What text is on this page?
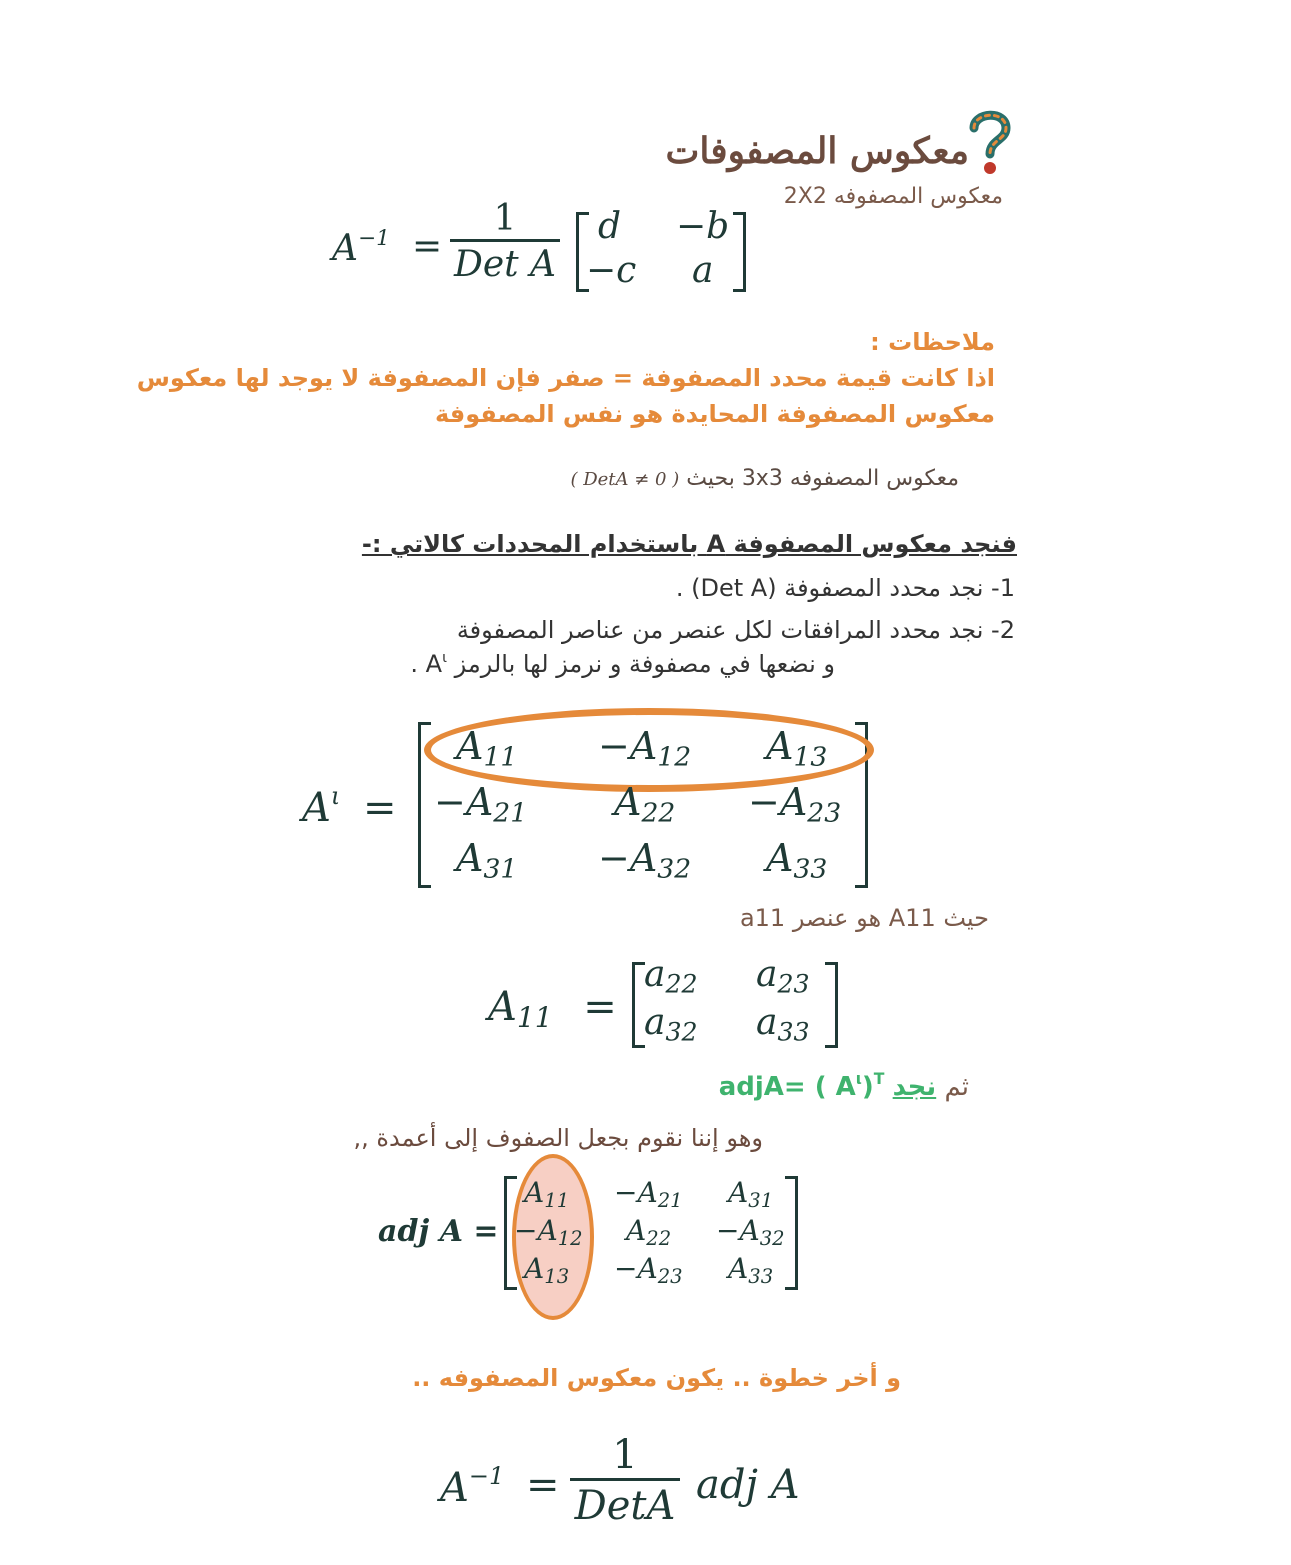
معكوس المصفوفات
معكوس المصفوفه 2X2
$A^{-1}$ =
1
Det A
d −b
−c a
ملاحظات :
اذا كانت قيمة محدد المصفوفة = صفر فإن المصفوفة لا يوجد لها معكوس
معكوس المصفوفة المحايدة هو نفس المصفوفة
معكوس المصفوفه 3x3 بحيث ( DetA ≠ 0 )
فنجد معكوس المصفوفة A باستخدام المحددات كالاتي :-
1- نجد محدد المصفوفة (Det A) .
2- نجد محدد المرافقات لكل عنصر من عناصر المصفوفة
و نضعها في مصفوفة و نرمز لها بالرمز $A^\iota$ .
$A^\iota$ =
$A_{11} -A_{12}$ $A_{13}$
$-A_{21}$ $A_{22} -A_{23}$
$A_{31} -A_{32}$ $A_{33}$
حيث A11 هو عنصر a11
$A_{11}$ =
$a_{22}$ $a_{23}$
$a_{32}$ $a_{33}$
ثم نجد adjA= ( $A^\iota)^T$
وهو إننا نقوم بجعل الصفوف إلى أعمدة ,,
adj A =
$A_{11} -A_{21}$ $A_{31}$
$-A_{12}$ $A_{22} -A_{32}$
$A_{13} -A_{23}$ $A_{33}$
و أخر خطوة .. يكون معكوس المصفوفه ..
$A^{-1}$ =
1
DetA adj A
